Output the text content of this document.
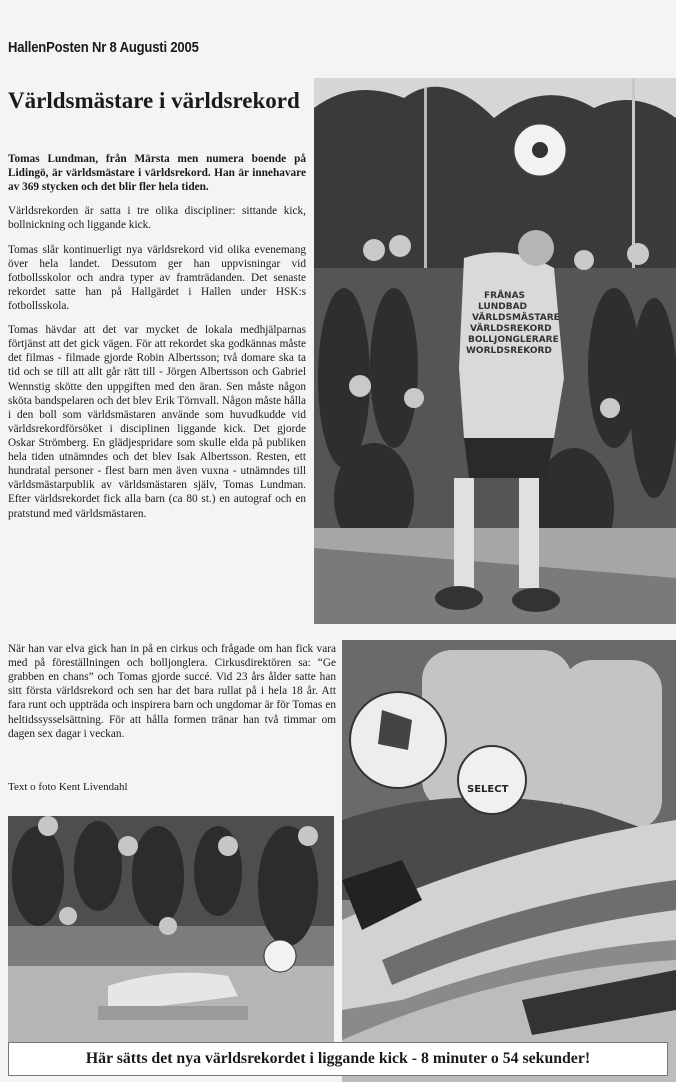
HallenPosten Nr 8 Augusti 2005
Världsmästare i världsrekord

Tomas Lundman, från Märsta men numera boende på Lidingö, är världsmästare i världsrekord. Han är innehavare av 369 stycken och det blir fler hela tiden.

Världsrekorden är satta i tre olika discipliner: sittande kick, bollnickning och liggande kick.

Tomas slår kontinuerligt nya världsrekord vid olika evenemang över hela landet. Dessutom ger han uppvisningar vid fotbollsskolor och andra typer av framträdanden. Det senaste rekordet satte han på Hallgärdet i Hallen under HSK:s fotbollsskola.

Tomas hävdar att det var mycket de lokala medhjälparnas förtjänst att det gick vägen. För att rekordet ska godkännas måste det filmas - filmade gjorde Robin Albertsson; två domare ska ta tid och se till att allt går rätt till - Jörgen Albertsson och Gabriel Wennstig skötte den uppgiften med den äran. Sen måste någon sköta bandspelaren och det blev Erik Törnvall. Någon måste hålla i den boll som världsmästaren använde som huvudkudde vid världsrekordförsöket i disciplinen liggande kick. Det gjorde Oskar Strömberg. En glädjespridare som skulle elda på publiken hela tiden utnämndes och det blev Isak Albertsson. Resten, ett hundratal personer - flest barn men även vuxna - utnämndes till världsmästarpublik av världsmästaren själv, Tomas Lundman. Efter världsrekordet fick alla barn (ca 80 st.) en autograf och en pratstund med världsmästaren.

När han var elva gick han in på en cirkus och frågade om han fick vara med på föreställningen och bolljonglera. Cirkusdirektören sa: “Ge grabben en chans” och Tomas gjorde succé. Vid 23 års ålder satte han sitt första världsrekord och sen har det bara rullat på i hela 18 år. Att fara runt och uppträda och inspirera barn och ungdomar är för Tomas en heltidssysselsättning. För att hålla formen tränar han två timmar om dagen sex dagar i veckan.

Text o foto Kent Livendahl
FRÅNAS LUNDBAD VÄRLDSMÄSTARE VÄRLDSREKORD BOLLJONGLERARE WORLDSREKORD
SELECT
Här sätts det nya världsrekordet i liggande kick - 8 minuter o 54 sekunder!
